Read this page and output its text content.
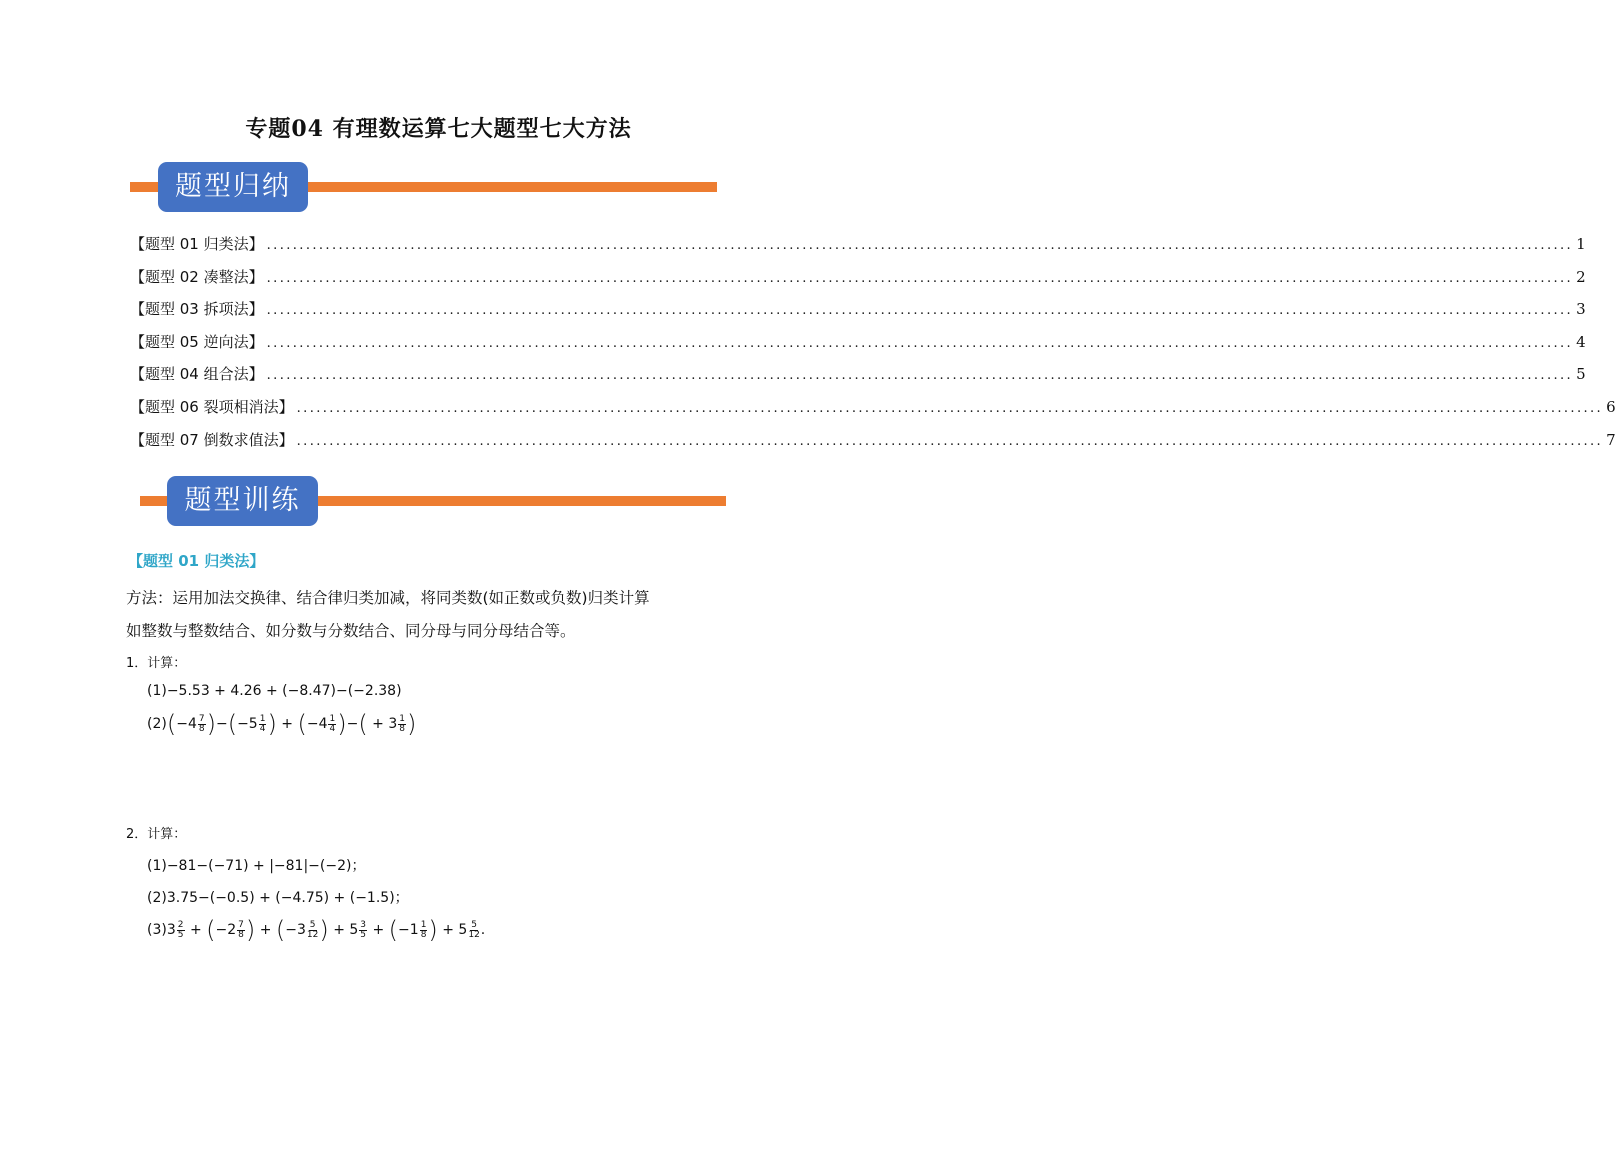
专题04 有理数运算七大题型七大方法
题型归纳
【题型 01 归类法】 ........................................................................................................................................................................................................ 1
【题型 02 凑整法】 ........................................................................................................................................................................................................ 2
【题型 03 拆项法】 ........................................................................................................................................................................................................ 3
【题型 05 逆向法】 ........................................................................................................................................................................................................ 4
【题型 04 组合法】 ........................................................................................................................................................................................................ 5
【题型 06 裂项相消法】 ........................................................................................................................................................................................................ 6
【题型 07 倒数求值法】 ........................................................................................................................................................................................................ 7
题型训练
【题型 01 归类法】
方法：运用加法交换律、结合律归类加减，将同类数(如正数或负数)归类计算
如整数与整数结合、如分数与分数结合、同分母与同分母结合等。
1．计算：
(1)−5.53 + 4.26 + (−8.47)−(−2.38)
(2) ( $-4 \frac{7}{8}$ ) − ( $-5 \frac{1}{4}$ ) + ( $-4 \frac{1}{4}$ ) − ( + $3 \frac{1}{8}$ )
2．计算：
(1)−81−(−71) + |−81|−(−2)；
(2)3.75−(−0.5) + (−4.75) + (−1.5)；
(3) $3 \frac{2}{5}$ + ( $-2 \frac{7}{8}$ ) + ( $-3 \frac{5}{12}$ ) + $5 \frac{3}{5}$ + ( $-1 \frac{1}{8}$ ) + $5 \frac{5}{12}$ .
